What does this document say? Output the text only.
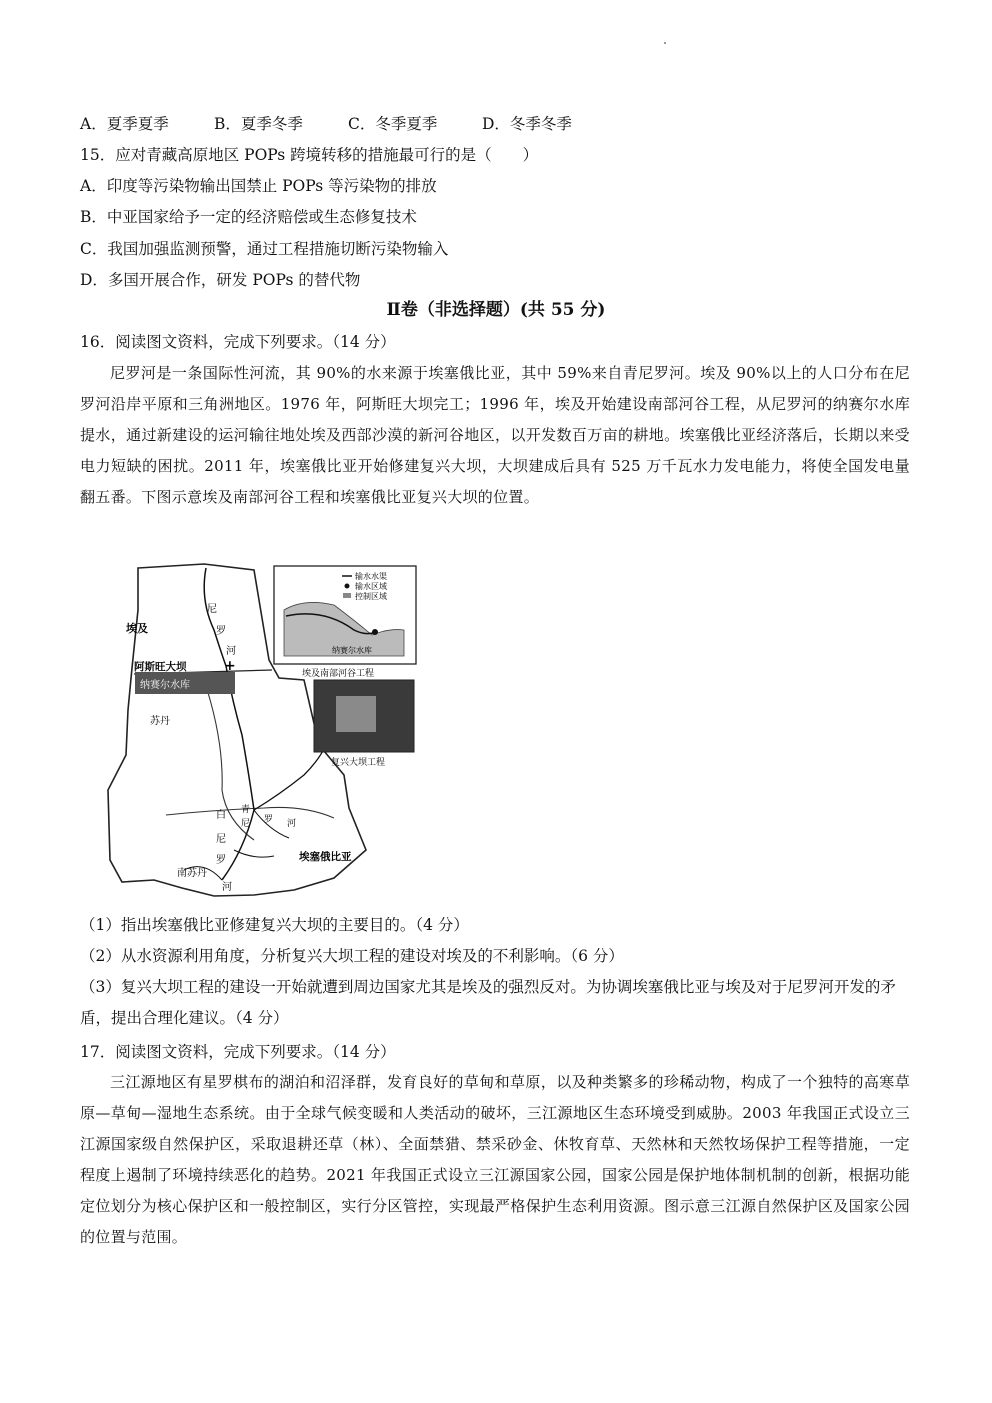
A．夏季夏季	B．夏季冬季	C．冬季夏季	D．冬季冬季
15．应对青藏高原地区 POPs 跨境转移的措施最可行的是（　　）
A．印度等污染物输出国禁止 POPs 等污染物的排放
B．中亚国家给予一定的经济赔偿或生态修复技术
C．我国加强监测预警，通过工程措施切断污染物输入
D．多国开展合作，研发 POPs 的替代物
Ⅱ卷（非选择题）(共 55 分)
16．阅读图文资料，完成下列要求。（14 分）
尼罗河是一条国际性河流，其 90%的水来源于埃塞俄比亚，其中 59%来自青尼罗河。埃及 90%以上的人口分布在尼罗河沿岸平原和三角洲地区。1976 年，阿斯旺大坝完工；1996 年，埃及开始建设南部河谷工程，从尼罗河的纳赛尔水库提水，通过新建设的运河输往地处埃及西部沙漠的新河谷地区，以开发数百万亩的耕地。埃塞俄比亚经济落后，长期以来受电力短缺的困扰。2011 年，埃塞俄比亚开始修建复兴大坝，大坝建成后具有 525 万千瓦水力发电能力，将使全国发电量翻五番。下图示意埃及南部河谷工程和埃塞俄比亚复兴大坝的位置。
埃及
尼
罗
河
阿斯旺大坝	+
纳赛尔水库
苏丹
白
尼
罗
河
青
尼 罗 河
南苏丹
埃塞俄比亚
输水水渠
输水区域
控制区域
纳赛尔水库
埃及南部河谷工程
复兴大坝工程
（1）指出埃塞俄比亚修建复兴大坝的主要目的。（4 分）
（2）从水资源利用角度，分析复兴大坝工程的建设对埃及的不利影响。（6 分）
（3）复兴大坝工程的建设一开始就遭到周边国家尤其是埃及的强烈反对。为协调埃塞俄比亚与埃及对于尼罗河开发的矛盾，提出合理化建议。（4 分）
17．阅读图文资料，完成下列要求。（14 分）
三江源地区有星罗棋布的湖泊和沼泽群，发育良好的草甸和草原，以及种类繁多的珍稀动物，构成了一个独特的高寒草原—草甸—湿地生态系统。由于全球气候变暖和人类活动的破坏，三江源地区生态环境受到威胁。2003 年我国正式设立三江源国家级自然保护区，采取退耕还草（林）、全面禁猎、禁采砂金、休牧育草、天然林和天然牧场保护工程等措施，一定程度上遏制了环境持续恶化的趋势。2021 年我国正式设立三江源国家公园，国家公园是保护地体制机制的创新，根据功能定位划分为核心保护区和一般控制区，实行分区管控，实现最严格保护生态利用资源。图示意三江源自然保护区及国家公园的位置与范围。
